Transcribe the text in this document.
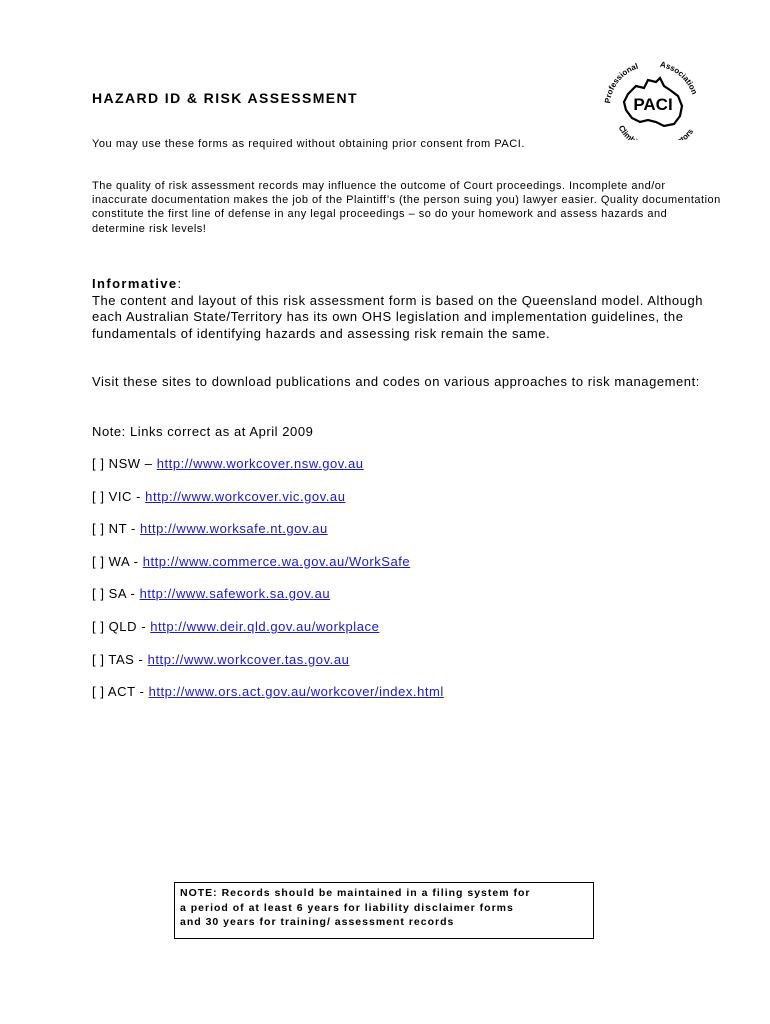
HAZARD ID & RISK ASSESSMENT	PACI
Professional Association
Climb	tors

You may use these forms as required without obtaining prior consent from PACI.

The quality of risk assessment records may influence the outcome of Court proceedings. Incomplete and/or inaccurate documentation makes the job of the Plaintiff’s (the person suing you) lawyer easier. Quality documentation constitute the first line of defense in any legal proceedings – so do your homework and assess hazards and determine risk levels!

Informative:
The content and layout of this risk assessment form is based on the Queensland model. Although each Australian State/Territory has its own OHS legislation and implementation guidelines, the fundamentals of identifying hazards and assessing risk remain the same.

Visit these sites to download publications and codes on various approaches to risk management:

Note: Links correct as at April 2009

[ ] NSW – http://www.workcover.nsw.gov.au
[ ] VIC - http://www.workcover.vic.gov.au
[ ] NT - http://www.worksafe.nt.gov.au
[ ] WA - http://www.commerce.wa.gov.au/WorkSafe
[ ] SA - http://www.safework.sa.gov.au
[ ] QLD - http://www.deir.qld.gov.au/workplace
[ ] TAS - http://www.workcover.tas.gov.au
[ ] ACT - http://www.ors.act.gov.au/workcover/index.html

NOTE: Records should be maintained in a filing system for

a period of at least 6 years for liability disclaimer forms

and 30 years for training/ assessment records
